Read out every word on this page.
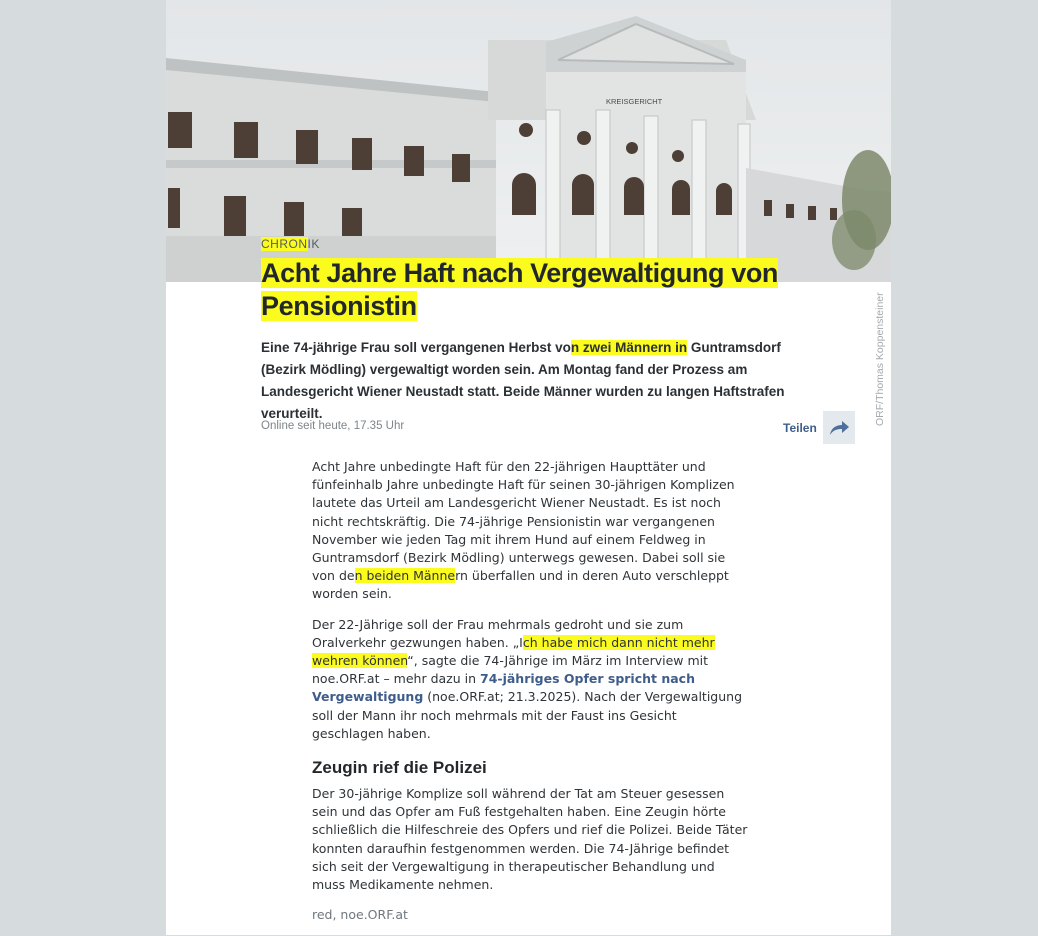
KREISGERICHT
ORF/Thomas Koppensteiner
CHRONIK
Acht Jahre Haft nach Vergewaltigung von
Pensionistin

Eine 74-jährige Frau soll vergangenen Herbst von zwei Männern in Guntramsdorf (Bezirk Mödling) vergewaltigt worden sein. Am Montag fand der Prozess am Landesgericht Wiener Neustadt statt. Beide Männer wurden zu langen Haftstrafen verurteilt.

Online seit heute, 17.35 Uhr	Teilen

Acht Jahre unbedingte Haft für den 22-jährigen Haupttäter und fünfeinhalb Jahre unbedingte Haft für seinen 30-jährigen Komplizen lautete das Urteil am Landesgericht Wiener Neustadt. Es ist noch nicht rechtskräftig. Die 74-jährige Pensionistin war vergangenen November wie jeden Tag mit ihrem Hund auf einem Feldweg in Guntramsdorf (Bezirk Mödling) unterwegs gewesen. Dabei soll sie von den beiden Männern überfallen und in deren Auto verschleppt worden sein.

Der 22-Jährige soll der Frau mehrmals gedroht und sie zum Oralverkehr gezwungen haben. „Ich habe mich dann nicht mehr wehren können“, sagte die 74-Jährige im März im Interview mit noe.ORF.at – mehr dazu in 74-jähriges Opfer spricht nach Vergewaltigung (noe.ORF.at; 21.3.2025). Nach der Vergewaltigung soll der Mann ihr noch mehrmals mit der Faust ins Gesicht geschlagen haben.

Zeugin rief die Polizei

Der 30-jährige Komplize soll während der Tat am Steuer gesessen sein und das Opfer am Fuß festgehalten haben. Eine Zeugin hörte schließlich die Hilfeschreie des Opfers und rief die Polizei. Beide Täter konnten daraufhin festgenommen werden. Die 74-Jährige befindet sich seit der Vergewaltigung in therapeutischer Behandlung und muss Medikamente nehmen.

red, noe.ORF.at
